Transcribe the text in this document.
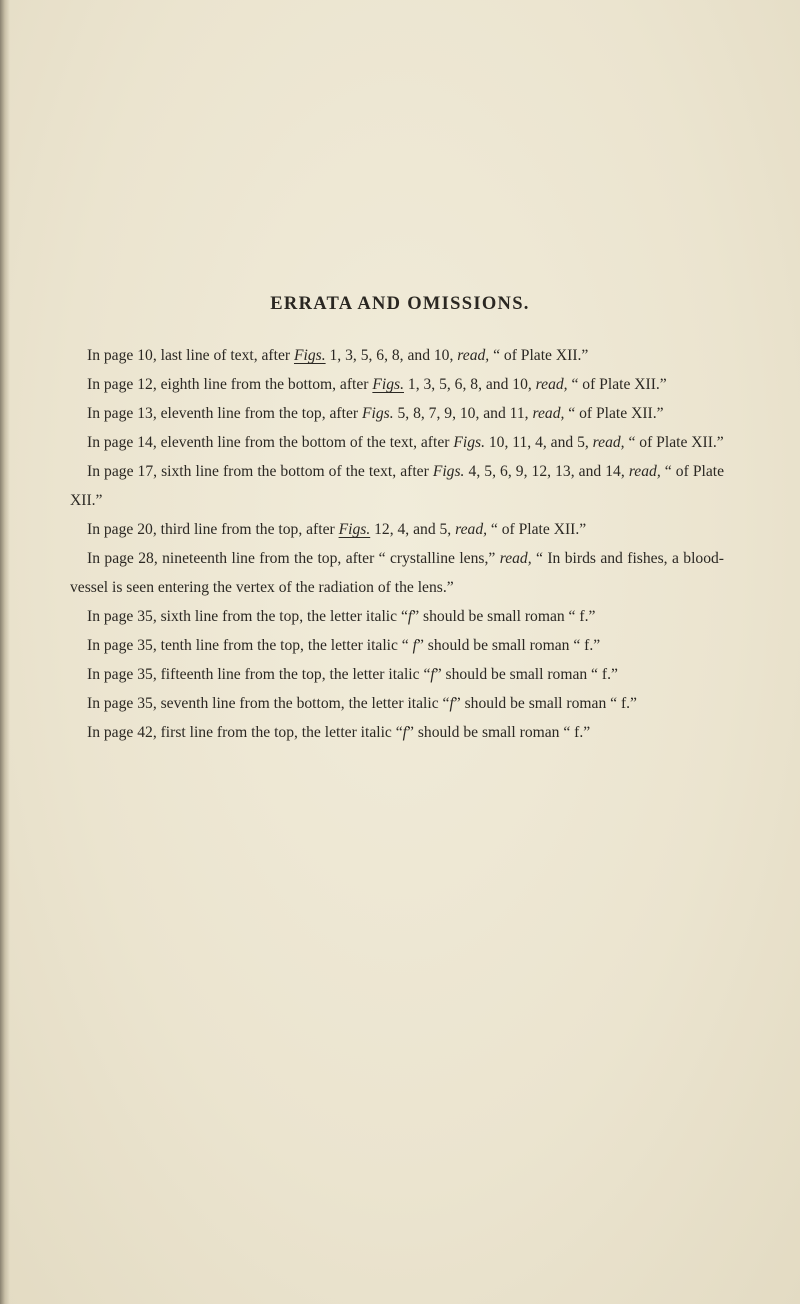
ERRATA AND OMISSIONS.

In page 10, last line of text, after Figs. 1, 3, 5, 6, 8, and 10, read, “ of Plate XII.”

In page 12, eighth line from the bottom, after Figs. 1, 3, 5, 6, 8, and 10, read, “ of Plate XII.”

In page 13, eleventh line from the top, after Figs. 5, 8, 7, 9, 10, and 11, read, “ of Plate XII.”

In page 14, eleventh line from the bottom of the text, after Figs. 10, 11, 4, and 5, read, “ of Plate XII.”

In page 17, sixth line from the bottom of the text, after Figs. 4, 5, 6, 9, 12, 13, and 14, read, “ of Plate XII.”

In page 20, third line from the top, after Figs. 12, 4, and 5, read, “ of Plate XII.”

In page 28, nineteenth line from the top, after “ crystalline lens,” read, “ In birds and fishes, a blood-vessel is seen entering the vertex of the radiation of the lens.”

In page 35, sixth line from the top, the letter italic “f” should be small roman “ f.”

In page 35, tenth line from the top, the letter italic “ f” should be small roman “ f.”

In page 35, fifteenth line from the top, the letter italic “f” should be small roman “ f.”

In page 35, seventh line from the bottom, the letter italic “f” should be small roman “ f.”

In page 42, first line from the top, the letter italic “f” should be small roman “ f.”
